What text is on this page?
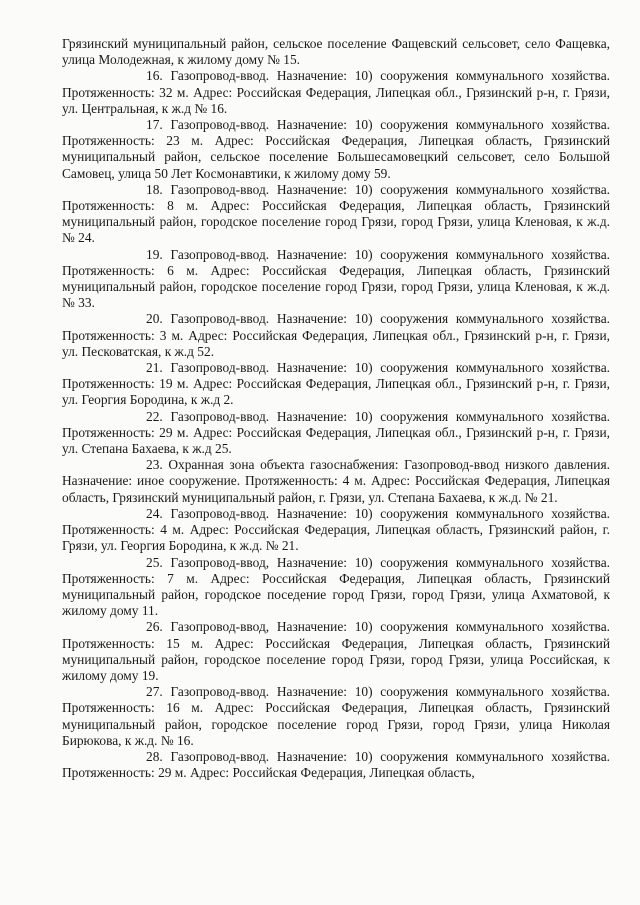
Грязинский муниципальный район, сельское поселение Фащевский сельсовет, село Фащевка, улица Молодежная, к жилому дому № 15.

16. Газопровод-ввод. Назначение: 10) сооружения коммунального хозяйства. Протяженность: 32 м. Адрес: Российская Федерация, Липецкая обл., Грязинский р-н, г. Грязи, ул. Центральная, к ж.д № 16.

17. Газопровод-ввод. Назначение: 10) сооружения коммунального хозяйства. Протяженность: 23 м. Адрес: Российская Федерация, Липецкая область, Грязинский муниципальный район, сельское поселение Большесамовецкий сельсовет, село Большой Самовец, улица 50 Лет Космонавтики, к жилому дому 59.

18. Газопровод-ввод. Назначение: 10) сооружения коммунального хозяйства. Протяженность: 8 м. Адрес: Российская Федерация, Липецкая область, Грязинский муниципальный район, городское поселение город Грязи, город Грязи, улица Кленовая, к ж.д. № 24.

19. Газопровод-ввод. Назначение: 10) сооружения коммунального хозяйства. Протяженность: 6 м. Адрес: Российская Федерация, Липецкая область, Грязинский муниципальный район, городское поселение город Грязи, город Грязи, улица Кленовая, к ж.д. № 33.

20. Газопровод-ввод. Назначение: 10) сооружения коммунального хозяйства. Протяженность: 3 м. Адрес: Российская Федерация, Липецкая обл., Грязинский р-н, г. Грязи, ул. Песковатская, к ж.д 52.

21. Газопровод-ввод. Назначение: 10) сооружения коммунального хозяйства. Протяженность: 19 м. Адрес: Российская Федерация, Липецкая обл., Грязинский р-н, г. Грязи, ул. Георгия Бородина, к ж.д 2.

22. Газопровод-ввод. Назначение: 10) сооружения коммунального хозяйства. Протяженность: 29 м. Адрес: Российская Федерация, Липецкая обл., Грязинский р-н, г. Грязи, ул. Степана Бахаева, к ж.д 25.

23. Охранная зона объекта газоснабжения: Газопровод-ввод низкого давления. Назначение: иное сооружение. Протяженность: 4 м. Адрес: Российская Федерация, Липецкая область, Грязинский муниципальный район, г. Грязи, ул. Степана Бахаева, к ж.д. № 21.

24. Газопровод-ввод. Назначение: 10) сооружения коммунального хозяйства. Протяженность: 4 м. Адрес: Российская Федерация, Липецкая область, Грязинский район, г. Грязи, ул. Георгия Бородина, к ж.д. № 21.

25. Газопровод-ввод, Назначение: 10) сооружения коммунального хозяйства. Протяженность: 7 м. Адрес: Российская Федерация, Липецкая область, Грязинский муниципальный район, городское поседение город Грязи, город Грязи, улица Ахматовой, к жилому дому 11.

26. Газопровод-ввод, Назначение: 10) сооружения коммунального хозяйства. Протяженность: 15 м. Адрес: Российская Федерация, Липецкая область, Грязинский муниципальный район, городское поселение город Грязи, город Грязи, улица Российская, к жилому дому 19.

27. Газопровод-ввод. Назначение: 10) сооружения коммунального хозяйства. Протяженность: 16 м. Адрес: Российская Федерация, Липецкая область, Грязинский муниципальный район, городское поселение город Грязи, город Грязи, улица Николая Бирюкова, к ж.д. № 16.

28. Газопровод-ввод. Назначение: 10) сооружения коммунального хозяйства. Протяженность: 29 м. Адрес: Российская Федерация, Липецкая область,
